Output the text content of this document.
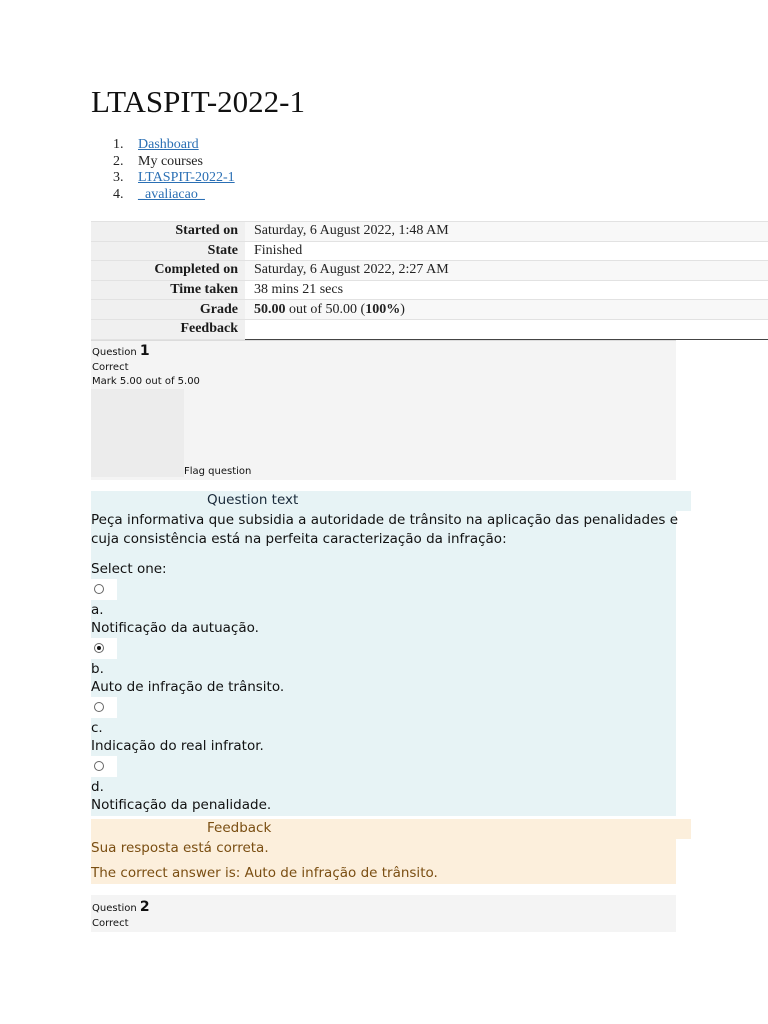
LTASPIT-2022-1
1. Dashboard
2. My courses
3. LTASPIT-2022-1
4. _avaliacao_
Started on	Saturday, 6 August 2022, 1:48 AM
State	Finished
Completed on	Saturday, 6 August 2022, 2:27 AM
Time taken	38 mins 21 secs
Grade	50.00 out of 50.00 (100%)
Feedback	
Question 1
Correct
Mark 5.00 out of 5.00
Flag question
Question text
Peça informativa que subsidia a autoridade de trânsito na aplicação das penalidades e
cuja consistência está na perfeita caracterização da infração:
Select one:
a.
Notificação da autuação.
b.
Auto de infração de trânsito.
c.
Indicação do real infrator.
d.
Notificação da penalidade.
Feedback
Sua resposta está correta.
The correct answer is: Auto de infração de trânsito.
Question 2
Correct
